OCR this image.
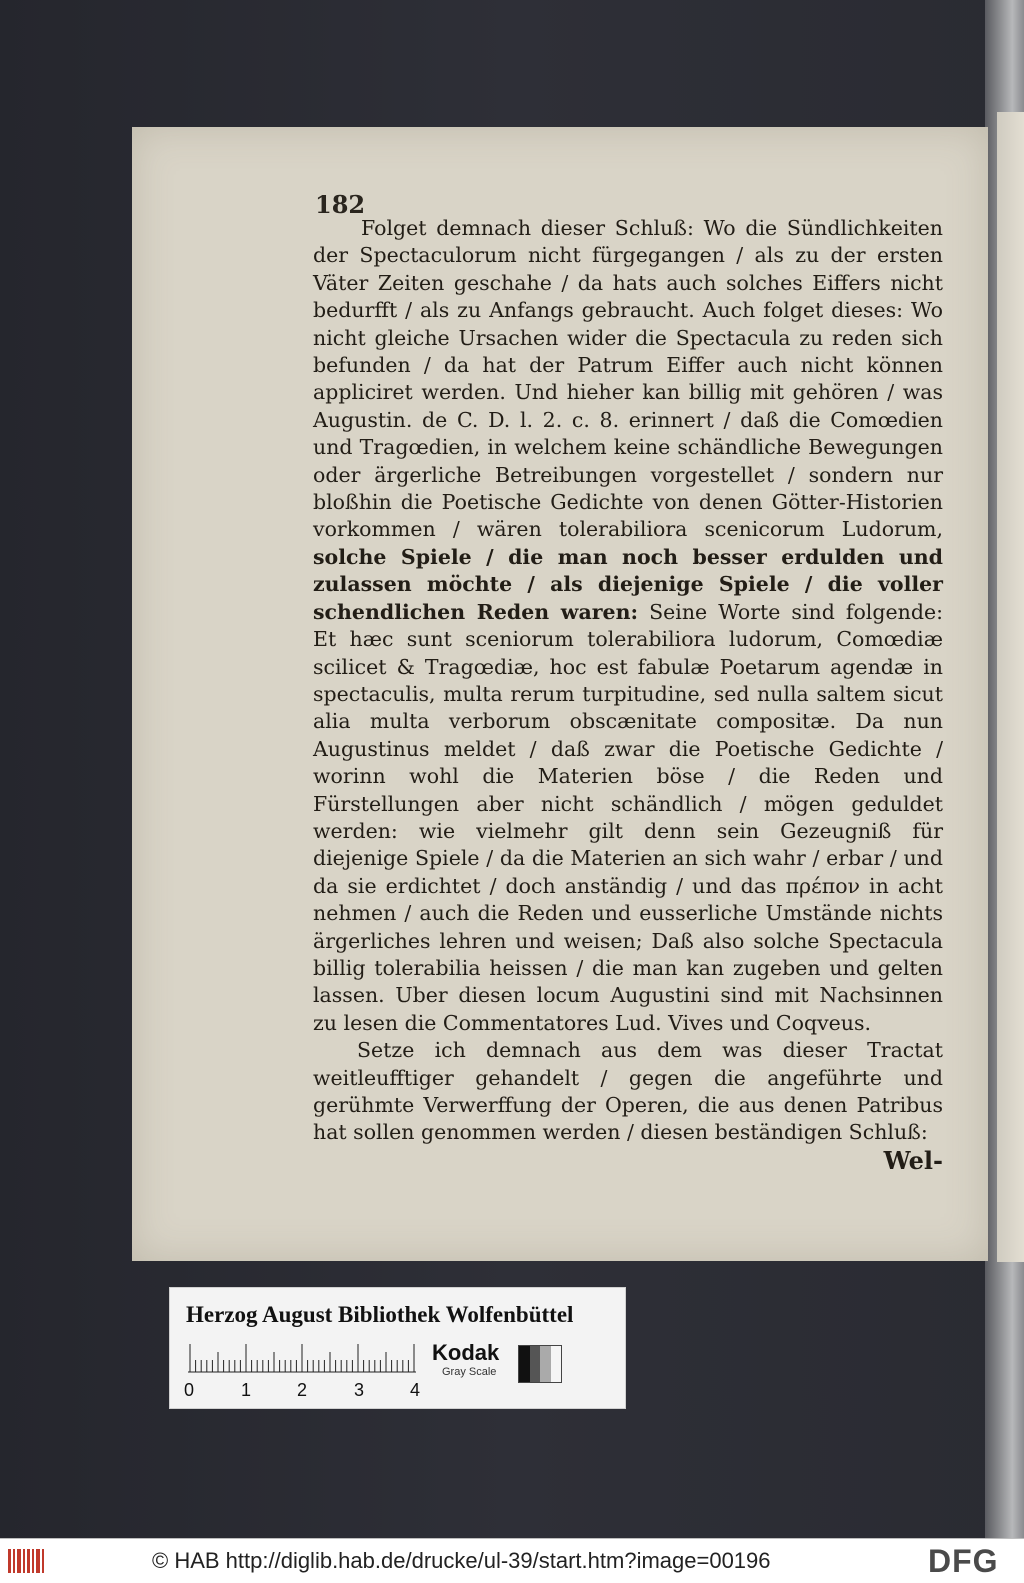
182

Folget demnach dieser Schluß: Wo die Sündlichkeiten der Spectaculorum nicht fürgegangen / als zu der ersten Väter Zeiten geschahe / da hats auch solches Eiffers nicht bedurfft / als zu Anfangs gebraucht. Auch folget dieses: Wo nicht gleiche Ursachen wider die Spectacula zu reden sich befunden / da hat der Patrum Eiffer auch nicht können appliciret werden. Und hieher kan billig mit gehören / was Augustin. de C. D. l. 2. c. 8. erinnert / daß die Comœdien und Tragœdien, in welchem keine schändliche Bewegungen oder ärgerliche Betreibungen vorgestellet / sondern nur bloßhin die Poetische Gedichte von denen Götter-Historien vorkommen / wären tolerabiliora scenicorum Ludorum, solche Spiele / die man noch besser erdulden und zulassen möchte / als diejenige Spiele / die voller schendlichen Reden waren: Seine Worte sind folgende: Et hæc sunt sceniorum tolerabiliora ludorum, Comœdiæ scilicet & Tragœdiæ, hoc est fabulæ Poetarum agendæ in spectaculis, multa rerum turpitudine, sed nulla saltem sicut alia multa verborum obscænitate compositæ. Da nun Augustinus meldet / daß zwar die Poetische Gedichte / worinn wohl die Materien böse / die Reden und Fürstellungen aber nicht schändlich / mögen geduldet werden: wie vielmehr gilt denn sein Gezeugniß für diejenige Spiele / da die Materien an sich wahr / erbar / und da sie erdichtet / doch anständig / und das πρέπον in acht nehmen / auch die Reden und eusserliche Umstände nichts ärgerliches lehren und weisen; Daß also solche Spectacula billig tolerabilia heissen / die man kan zugeben und gelten lassen. Uber diesen locum Augustini sind mit Nachsinnen zu lesen die Commentatores Lud. Vives und Coqveus.

Setze ich demnach aus dem was dieser Tractat weitleufftiger gehandelt / gegen die angeführte und gerühmte Verwerffung der Operen, die aus denen Patribus hat sollen genommen werden / diesen beständigen Schluß:

Wel-
Herzog August Bibliothek Wolfenbüttel
0	1	2	3	4
Kodak
Gray Scale
© HAB http://diglib.hab.de/drucke/ul-39/start.htm?image=00196	DFG
